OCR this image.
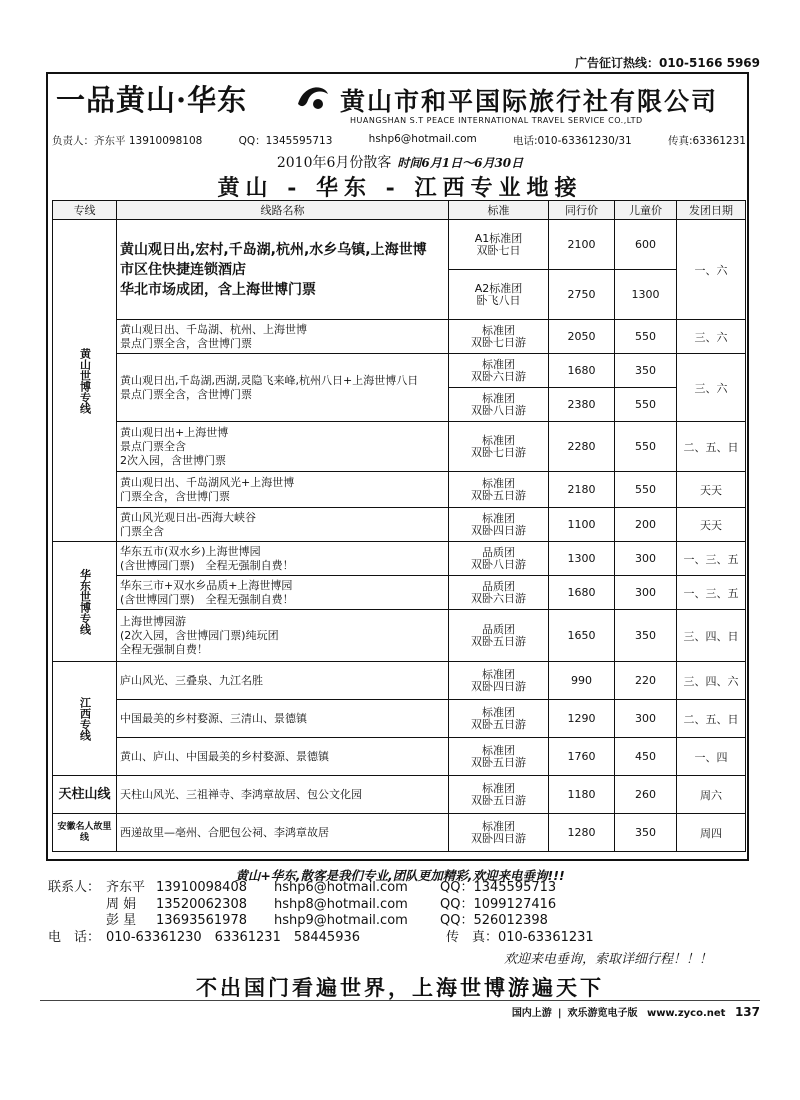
广告征订热线：010-5166 5969
一品黄山·华东	黄山市和平国际旅行社有限公司
HUANGSHAN S.T PEACE INTERNATIONAL TRAVEL SERVICE CO.,LTD
负责人：齐东平 13910098108	QQ：1345595713	hshp6@hotmail.com	电话:010-63361230/31	传真:63361231
2010年6月份散客 时间6月1日～6月30日
黄山 - 华东 - 江西专业地接
专线	线路名称	标准	同行价	儿童价	发团日期
黄山世博专线	黄山观日出,宏村,千岛湖,杭州,水乡乌镇,上海世博
市区住快捷连锁酒店
华北市场成团，含上海世博门票	A1标准团
双卧七日	2100	600	一、六
		A2标准团
卧飞八日	2750	1300	
	黄山观日出、千岛湖、杭州、上海世博
景点门票全含，含世博门票	标准团
双卧七日游	2050	550	三、六
	黄山观日出,千岛湖,西湖,灵隐飞来峰,杭州八日+上海世博八日
景点门票全含，含世博门票	标准团
双卧六日游	1680	350	三、六
		标准团
双卧八日游	2380	550	
	黄山观日出+上海世博
景点门票全含
2次入园，含世博门票	标准团
双卧七日游	2280	550	二、五、日
	黄山观日出、千岛湖风光+上海世博
门票全含，含世博门票	标准团
双卧五日游	2180	550	天天
	黄山风光观日出-西海大峡谷
门票全含	标准团
双卧四日游	1100	200	天天
华东世博专线	华东五市(双水乡)上海世博园
(含世博园门票)　全程无强制自费！	品质团
双卧八日游	1300	300	一、三、五
	华东三市+双水乡品质+上海世博园
(含世博园门票)　全程无强制自费！	品质团
双卧六日游	1680	300	一、三、五
	上海世博园游
(2次入园，含世博园门票)纯玩团
全程无强制自费！	品质团
双卧五日游	1650	350	三、四、日
江西专线	庐山风光、三叠泉、九江名胜	标准团
双卧四日游	990	220	三、四、六
	中国最美的乡村婺源、三清山、景德镇	标准团
双卧五日游	1290	300	二、五、日
	黄山、庐山、中国最美的乡村婺源、景德镇	标准团
双卧五日游	1760	450	一、四
天柱山线	天柱山风光、三祖禅寺、李鸿章故居、包公文化园	标准团
双卧五日游	1180	260	周六
安徽名人故里线	西递故里—亳州、合肥包公祠、李鸿章故居	标准团
双卧四日游	1280	350	周四
黄山+华东,散客是我们专业,团队更加精彩,欢迎来电垂询!!!
联系人： 齐东平 13910098408	hshp6@hotmail.com	QQ：1345595713
周 娟	13520062308	hshp8@hotmail.com	QQ：1099127416
彭 星	13693561978	hshp9@hotmail.com	QQ：526012398
电　话： 010-63361230　63361231　58445936	传　真：010-63361231
欢迎来电垂询，索取详细行程！！！
不出国门看遍世界，上海世博游遍天下
国内上游 | 欢乐游览电子版 www.zyco.net 137
